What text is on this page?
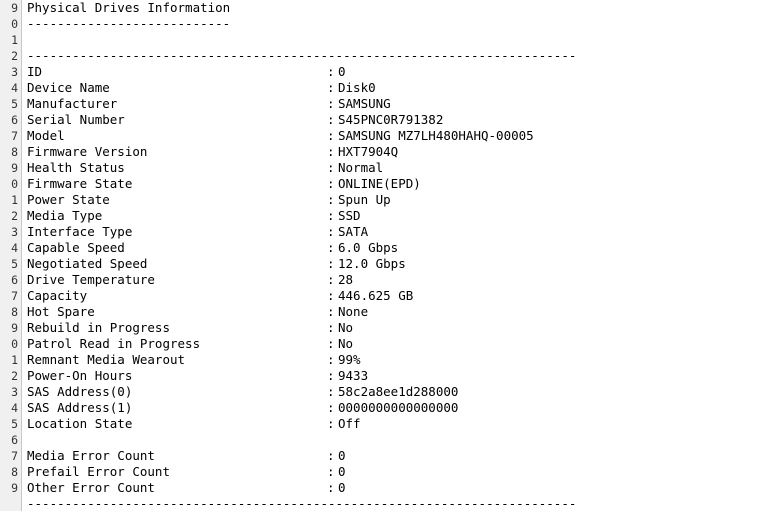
9
0
1
2
3
4
5
6
7
8
9
0
1
2
3
4
5
6
7
8
9
0
1
2
3
4
5
6
7
8
9
Physical Drives Information
---------------------------
-------------------------------------------------------------------------
ID	: 0
Device Name	: Disk0
Manufacturer	: SAMSUNG
Serial Number	: S45PNC0R791382
Model	: SAMSUNG MZ7LH480HAHQ-00005
Firmware Version	: HXT7904Q
Health Status	: Normal
Firmware State	: ONLINE(EPD)
Power State	: Spun Up
Media Type	: SSD
Interface Type	: SATA
Capable Speed	: 6.0 Gbps
Negotiated Speed	: 12.0 Gbps
Drive Temperature	: 28
Capacity	: 446.625 GB
Hot Spare	: None
Rebuild in Progress	: No
Patrol Read in Progress	: No
Remnant Media Wearout	: 99%
Power-On Hours	: 9433
SAS Address(0)	: 58c2a8ee1d288000
SAS Address(1)	: 0000000000000000
Location State	: Off
Media Error Count	: 0
Prefail Error Count	: 0
Other Error Count	: 0
-------------------------------------------------------------------------
